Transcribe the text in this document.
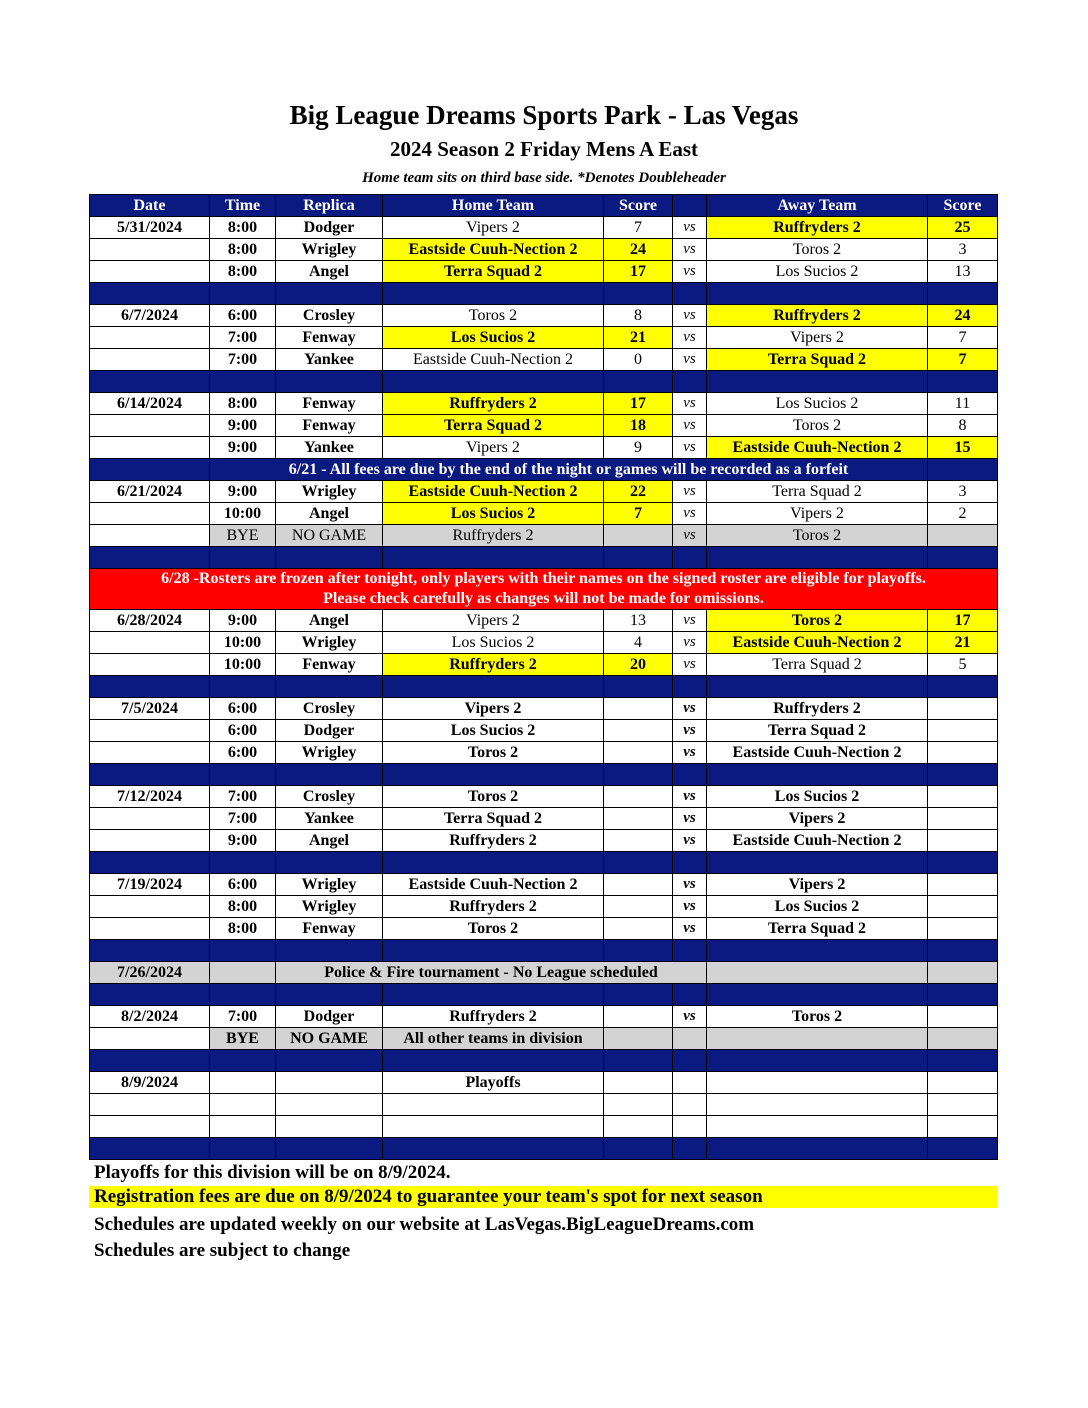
Big League Dreams Sports Park - Las Vegas
2024 Season 2 Friday Mens A East
Home team sits on third base side. *Denotes Doubleheader
Date	Time	Replica	Home Team	Score		Away Team	Score
5/31/2024	8:00	Dodger	Vipers 2	7	vs	Ruffryders 2	25
	8:00	Wrigley	Eastside Cuuh-Nection 2	24	vs	Toros 2	3
	8:00	Angel	Terra Squad 2	17	vs	Los Sucios 2	13

6/7/2024	6:00	Crosley	Toros 2	8	vs	Ruffryders 2	24
	7:00	Fenway	Los Sucios 2	21	vs	Vipers 2	7
	7:00	Yankee	Eastside Cuuh-Nection 2	0	vs	Terra Squad 2	7

6/14/2024	8:00	Fenway	Ruffryders 2	17	vs	Los Sucios 2	11
	9:00	Fenway	Terra Squad 2	18	vs	Toros 2	8
	9:00	Yankee	Vipers 2	9	vs	Eastside Cuuh-Nection 2	15
	6/21 - All fees are due by the end of the night or games will be recorded as a forfeit						
6/21/2024	9:00	Wrigley	Eastside Cuuh-Nection 2	22	vs	Terra Squad 2	3
	10:00	Angel	Los Sucios 2	7	vs	Vipers 2	2
	BYE	NO GAME	Ruffryders 2		vs	Toros 2	

6/28 -Rosters are frozen after tonight, only players with their names on the signed roster are eligible for playoffs.
Please check carefully as changes will not be made for omissions.							

6/28/2024	9:00	Angel	Vipers 2	13	vs	Toros 2	17
	10:00	Wrigley	Los Sucios 2	4	vs	Eastside Cuuh-Nection 2	21
	10:00	Fenway	Ruffryders 2	20	vs	Terra Squad 2	5

7/5/2024	6:00	Crosley	Vipers 2		vs	Ruffryders 2	
	6:00	Dodger	Los Sucios 2		vs	Terra Squad 2	
	6:00	Wrigley	Toros 2		vs	Eastside Cuuh-Nection 2	

7/12/2024	7:00	Crosley	Toros 2		vs	Los Sucios 2	
	7:00	Yankee	Terra Squad 2		vs	Vipers 2	
	9:00	Angel	Ruffryders 2		vs	Eastside Cuuh-Nection 2	

7/19/2024	6:00	Wrigley	Eastside Cuuh-Nection 2		vs	Vipers 2	
	8:00	Wrigley	Ruffryders 2		vs	Los Sucios 2	
	8:00	Fenway	Toros 2		vs	Terra Squad 2	

7/26/2024		Police & Fire tournament - No League scheduled					

8/2/2024	7:00	Dodger	Ruffryders 2		vs	Toros 2	
	BYE	NO GAME	All other teams in division				

8/9/2024			Playoffs				

Playoffs for this division will be on 8/9/2024.
Registration fees are due on 8/9/2024 to guarantee your team's spot for next season
Schedules are updated weekly on our website at LasVegas.BigLeagueDreams.com
Schedules are subject to change
